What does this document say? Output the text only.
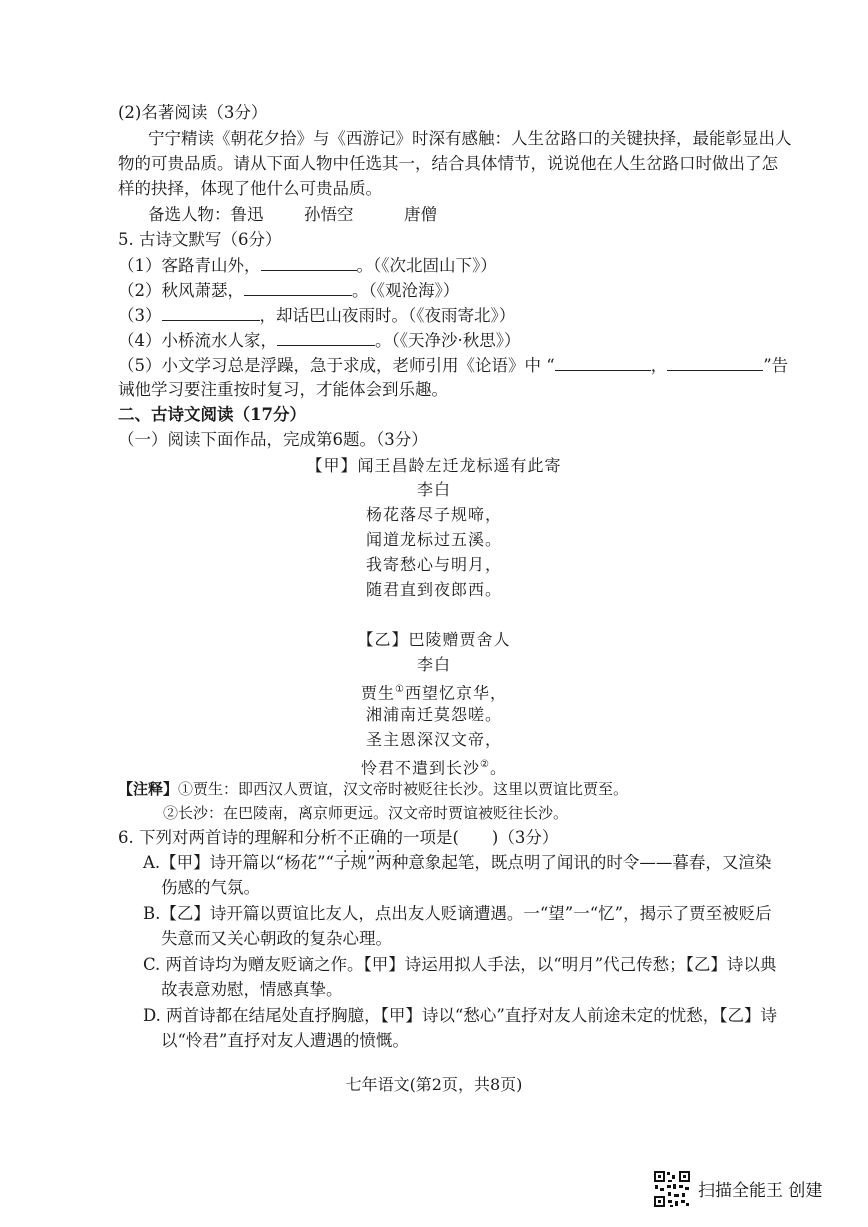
(2)名著阅读（3分）
宁宁精读《朝花夕拾》与《西游记》时深有感触：人生岔路口的关键抉择，最能彰显出人
物的可贵品质。请从下面人物中任选其一，结合具体情节，说说他在人生岔路口时做出了怎
样的抉择，体现了他什么可贵品质。
备选人物：鲁迅 孙悟空	唐僧
5. 古诗文默写（6分）
（1）客路青山外，	。（《次北固山下》）
（2）秋风萧瑟，	。（《观沧海》）
（3）	，却话巴山夜雨时。（《夜雨寄北》）
（4）小桥流水人家，	。（《天净沙·秋思》）
（5）小文学习总是浮躁，急于求成，老师引用《论语》中 “	，	”告
诫他学习要注重按时复习，才能体会到乐趣。
二、古诗文阅读（17分）
（一）阅读下面作品，完成第6题。（3分）
【甲】闻王昌龄左迁龙标遥有此寄
李白
杨花落尽子规啼，
闻道龙标过五溪。
我寄愁心与明月，
随君直到夜郎西。
【乙】巴陵赠贾舍人
李白
贾生①西望忆京华，
湘浦南迁莫怨嗟。
圣主恩深汉文帝，
怜君不遣到长沙②。
【注释】①贾生：即西汉人贾谊，汉文帝时被贬往长沙。这里以贾谊比贾至。
②长沙：在巴陵南，离京师更远。汉文帝时贾谊被贬往长沙。
6. 下列对两首诗的理解和分析不正确的一项是(　　)（3分）
A.【甲】诗开篇以“杨花”“子规”两种意象起笔，既点明了闻讯的时令——暮春，又渲染
伤感的气氛。
B.【乙】诗开篇以贾谊比友人，点出友人贬谪遭遇。一“望”一“忆”，揭示了贾至被贬后
失意而又关心朝政的复杂心理。
C. 两首诗均为赠友贬谪之作。【甲】诗运用拟人手法，以“明月”代己传愁；【乙】诗以典
故表意劝慰，情感真挚。
D. 两首诗都在结尾处直抒胸臆，【甲】诗以“愁心”直抒对友人前途未定的忧愁，【乙】诗
以“怜君”直抒对友人遭遇的愤慨。
七年语文(第2页，共8页)
扫描全能王 创建
